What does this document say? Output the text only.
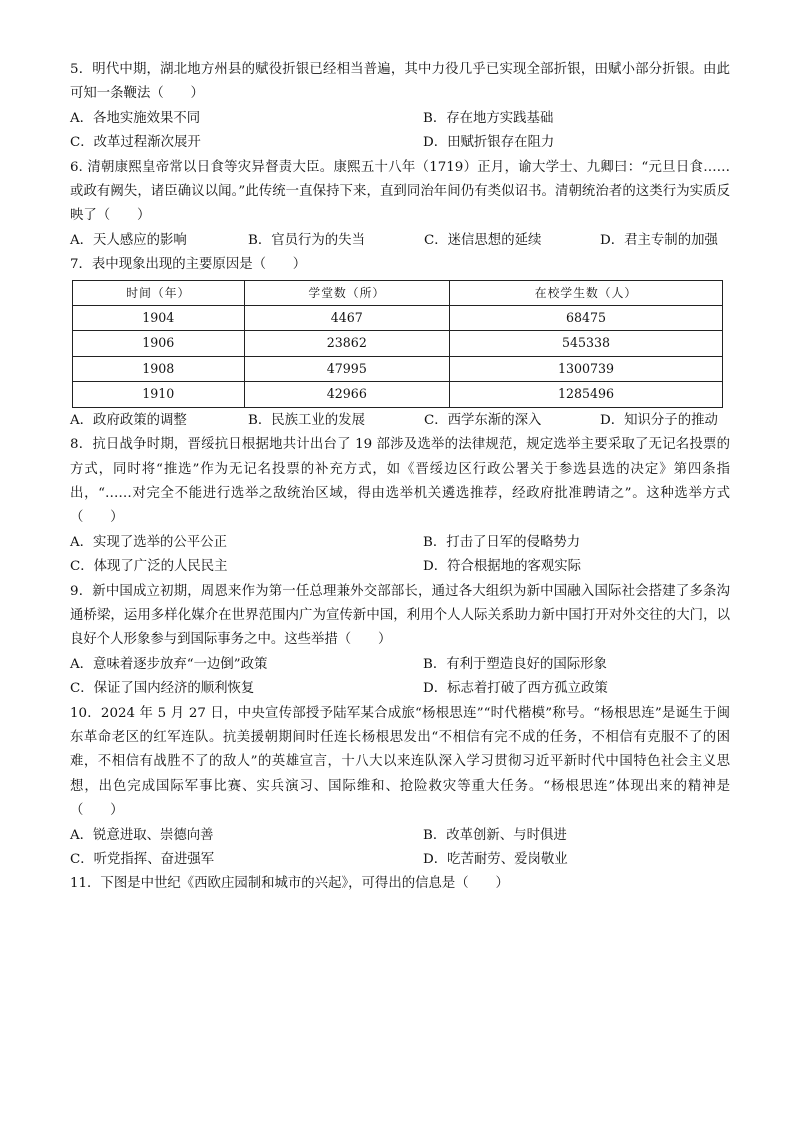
5．明代中期，湖北地方州县的赋役折银已经相当普遍，其中力役几乎已实现全部折银，田赋小部分折银。由此可知一条鞭法（　　）

A．各地实施效果不同	B．存在地方实践基础
C．改革过程渐次展开	D．田赋折银存在阻力

6. 清朝康熙皇帝常以日食等灾异督责大臣。康熙五十八年（1719）正月，谕大学士、九卿曰：“元旦日食……或政有阙失，诸臣确议以闻。”此传统一直保持下来，直到同治年间仍有类似诏书。清朝统治者的这类行为实质反映了（　　）

A．天人感应的影响	B．官员行为的失当	C．迷信思想的延续	D．君主专制的加强

7．表中现象出现的主要原因是（　　）

时间（年）	学堂数（所）	在校学生数（人）
1904	4467	68475
1906	23862	545338
1908	47995	1300739
1910	42966	1285496
A．政府政策的调整	B．民族工业的发展	C．西学东渐的深入	D．知识分子的推动

8．抗日战争时期，晋绥抗日根据地共计出台了 19 部涉及选举的法律规范，规定选举主要采取了无记名投票的方式，同时将“推选”作为无记名投票的补充方式，如《晋绥边区行政公署关于参选县选的决定》第四条指出，“……对完全不能进行选举之敌统治区域，得由选举机关遴选推荐，经政府批准聘请之”。这种选举方式（　　）

A．实现了选举的公平公正	B．打击了日军的侵略势力
C．体现了广泛的人民民主	D．符合根据地的客观实际

9．新中国成立初期，周恩来作为第一任总理兼外交部部长，通过各大组织为新中国融入国际社会搭建了多条沟通桥梁，运用多样化媒介在世界范围内广为宣传新中国，利用个人人际关系助力新中国打开对外交往的大门，以良好个人形象参与到国际事务之中。这些举措（　　）

A．意味着逐步放弃“一边倒”政策	B．有利于塑造良好的国际形象
C．保证了国内经济的顺利恢复	D．标志着打破了西方孤立政策

10．2024 年 5 月 27 日，中央宣传部授予陆军某合成旅“杨根思连”“时代楷模”称号。“杨根思连”是诞生于闽东革命老区的红军连队。抗美援朝期间时任连长杨根思发出“不相信有完不成的任务，不相信有克服不了的困难，不相信有战胜不了的敌人”的英雄宣言，十八大以来连队深入学习贯彻习近平新时代中国特色社会主义思想，出色完成国际军事比赛、实兵演习、国际维和、抢险救灾等重大任务。“杨根思连”体现出来的精神是（　　）

A．锐意进取、崇德向善	B．改革创新、与时俱进
C．听党指挥、奋进强军	D．吃苦耐劳、爱岗敬业

11．下图是中世纪《西欧庄园制和城市的兴起》，可得出的信息是（　　）
